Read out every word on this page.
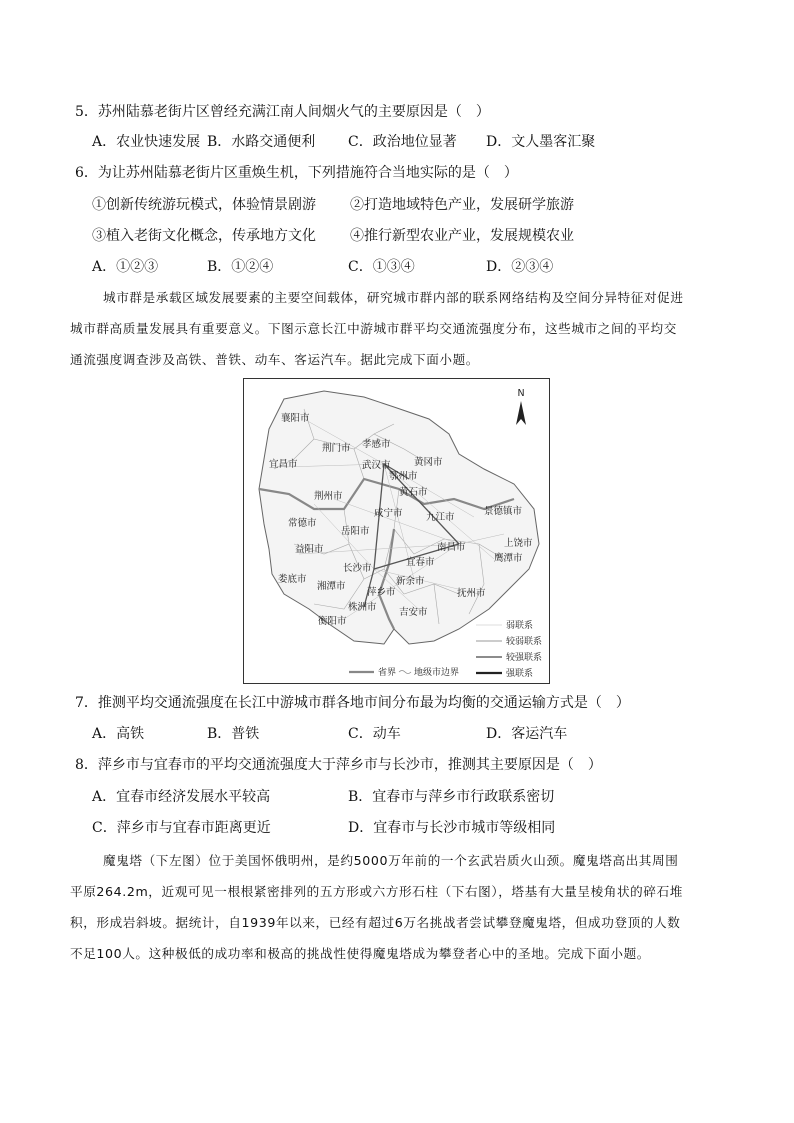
5．苏州陆慕老街片区曾经充满江南人间烟火气的主要原因是（　）
A．农业快速发展 B．水路交通便利 C．政治地位显著 D．文人墨客汇聚
6．为让苏州陆慕老街片区重焕生机，下列措施符合当地实际的是（　）
①创新传统游玩模式，体验情景剧游 ②打造地域特色产业，发展研学旅游
③植入老街文化概念，传承地方文化 ④推行新型农业产业，发展规模农业
A．①②③	B．①②④	C．①③④	D．②③④
城市群是承载区域发展要素的主要空间载体，研究城市群内部的联系网络结构及空间分异特征对促进
城市群高质量发展具有重要意义。下图示意长江中游城市群平均交通流强度分布，这些城市之间的平均交
通流强度调查涉及高铁、普铁、动车、客运汽车。据此完成下面小题。
N
襄阳市
孝感市
荆门市
黄冈市
宜昌市	武汉市
鄂州市
黄石市
荆州市
景德镇市
常德市
咸宁市 九江市
岳阳市
上饶市
南昌市
益阳市
鹰潭市
长沙市
宜春市
娄底市	新余市
抚州市
湘潭市
萍乡市
株洲市 吉安市
衡阳市	弱联系
较弱联系
较强联系
强联系
省界 地级市边界
7．推测平均交通流强度在长江中游城市群各地市间分布最为均衡的交通运输方式是（　）
A．高铁	B．普铁	C．动车	D．客运汽车
8．萍乡市与宜春市的平均交通流强度大于萍乡市与长沙市，推测其主要原因是（　）
A．宜春市经济发展水平较高	B．宜春市与萍乡市行政联系密切
C．萍乡市与宜春市距离更近	D．宜春市与长沙市城市等级相同
魔鬼塔（下左图）位于美国怀俄明州，是约5000万年前的一个玄武岩质火山颈。魔鬼塔高出其周围
平原264.2m，近观可见一根根紧密排列的五方形或六方形石柱（下右图），塔基有大量呈棱角状的碎石堆
积，形成岩斜坡。据统计，自1939年以来，已经有超过6万名挑战者尝试攀登魔鬼塔，但成功登顶的人数
不足100人。这种极低的成功率和极高的挑战性使得魔鬼塔成为攀登者心中的圣地。完成下面小题。
